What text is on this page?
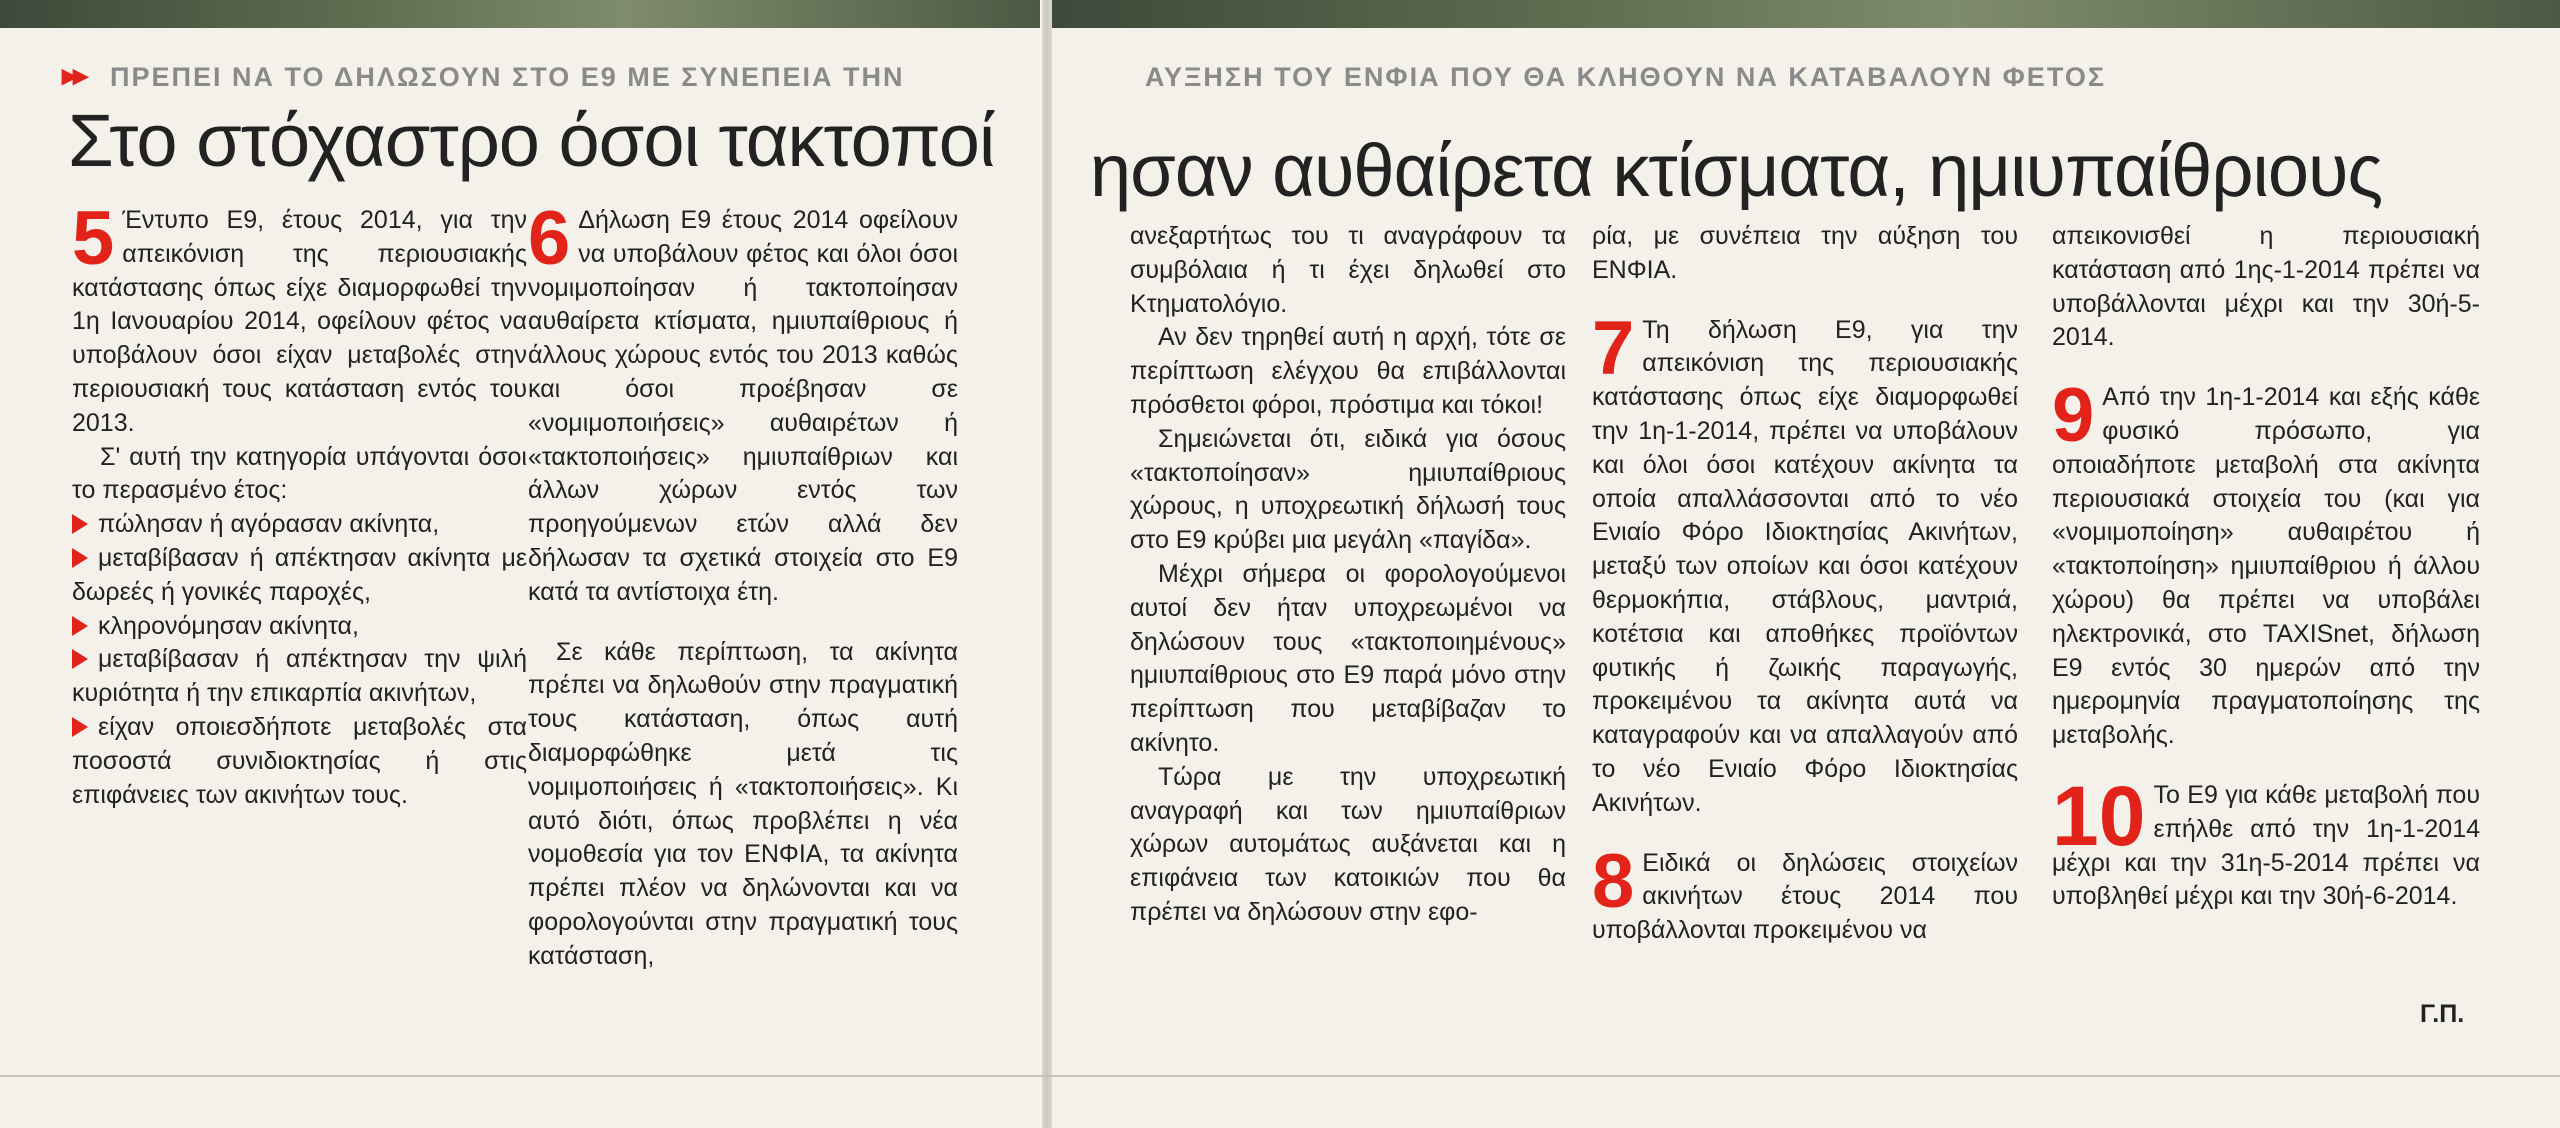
▸▸ ΠΡΕΠΕΙ ΝΑ ΤΟ ΔΗΛΩΣΟΥΝ ΣΤΟ Ε9 ΜΕ ΣΥΝΕΠΕΙΑ ΤΗΝ	ΑΥΞΗΣΗ ΤΟΥ ΕΝΦΙΑ ΠΟΥ ΘΑ ΚΛΗΘΟΥΝ ΝΑ ΚΑΤΑΒΑΛΟΥΝ ΦΕΤΟΣ
Στο στόχαστρο όσοι τακτοποί ησαν αυθαίρετα κτίσματα, ημιυπαίθριους

5 Έντυπο Ε9, έτους 2014, για την απεικόνιση της περιουσιακής κατάστασης όπως είχε διαμορφωθεί την 1η Ιανουαρίου 2014, οφείλουν φέτος να υποβάλουν όσοι είχαν μεταβολές στην περιουσιακή τους κατάσταση εντός του 2013.

Σ' αυτή την κατηγορία υπάγονται όσοι το περασμένο έτος:

πώλησαν ή αγόρασαν ακίνητα,

μεταβίβασαν ή απέκτησαν ακίνητα με δωρεές ή γονικές παροχές,

κληρονόμησαν ακίνητα,

μεταβίβασαν ή απέκτησαν την ψιλή κυριότητα ή την επικαρπία ακινήτων,

είχαν οποιεσδήποτε μεταβολές στα ποσοστά συνιδιοκτησίας ή στις επιφάνειες των ακινήτων τους.

6 Δήλωση Ε9 έτους 2014 οφείλουν να υποβάλουν φέτος και όλοι όσοι νομιμοποίησαν ή τακτοποίησαν αυθαίρετα κτίσματα, ημιυπαίθριους ή άλλους χώρους εντός του 2013 καθώς και όσοι προέβησαν σε «νομιμοποιήσεις» αυθαιρέτων ή «τακτοποιήσεις» ημιυπαίθριων και άλλων χώρων εντός των προηγούμενων ετών αλλά δεν δήλωσαν τα σχετικά στοιχεία στο Ε9 κατά τα αντίστοιχα έτη.

Σε κάθε περίπτωση, τα ακίνητα πρέπει να δηλωθούν στην πραγματική τους κατάσταση, όπως αυτή διαμορφώθηκε μετά τις νομιμοποιήσεις ή «τακτοποιήσεις». Κι αυτό διότι, όπως προβλέπει η νέα νομοθεσία για τον ΕΝΦΙΑ, τα ακίνητα πρέπει πλέον να δηλώνονται και να φορολογούνται στην πραγματική τους κατάσταση,

ανεξαρτήτως του τι αναγράφουν τα συμβόλαια ή τι έχει δηλωθεί στο Κτηματολόγιο.

Αν δεν τηρηθεί αυτή η αρχή, τότε σε περίπτωση ελέγχου θα επιβάλλονται πρόσθετοι φόροι, πρόστιμα και τόκοι!

Σημειώνεται ότι, ειδικά για όσους «τακτοποίησαν» ημιυπαίθριους χώρους, η υποχρεωτική δήλωσή τους στο Ε9 κρύβει μια μεγάλη «παγίδα».

Μέχρι σήμερα οι φορολογούμενοι αυτοί δεν ήταν υποχρεωμένοι να δηλώσουν τους «τακτοποιημένους» ημιυπαίθριους στο Ε9 παρά μόνο στην περίπτωση που μεταβίβαζαν το ακίνητο.

Τώρα με την υποχρεωτική αναγραφή και των ημιυπαίθριων χώρων αυτομάτως αυξάνεται και η επιφάνεια των κατοικιών που θα πρέπει να δηλώσουν στην εφο-

ρία, με συνέπεια την αύξηση του ΕΝΦΙΑ.

7 Τη δήλωση Ε9, για την απεικόνιση της περιουσιακής κατάστασης όπως είχε διαμορφωθεί την 1η-1-2014, πρέπει να υποβάλουν και όλοι όσοι κατέχουν ακίνητα τα οποία απαλλάσσονται από το νέο Ενιαίο Φόρο Ιδιοκτησίας Ακινήτων, μεταξύ των οποίων και όσοι κατέχουν θερμοκήπια, στάβλους, μαντριά, κοτέτσια και αποθήκες προϊόντων φυτικής ή ζωικής παραγωγής, προκειμένου τα ακίνητα αυτά να καταγραφούν και να απαλλαγούν από το νέο Ενιαίο Φόρο Ιδιοκτησίας Ακινήτων.

8 Ειδικά οι δηλώσεις στοιχείων ακινήτων έτους 2014 που υποβάλλονται προκειμένου να

απεικονισθεί η περιουσιακή κατάσταση από 1ης-1-2014 πρέπει να υποβάλλονται μέχρι και την 30ή-5-2014.

9 Από την 1η-1-2014 και εξής κάθε φυσικό πρόσωπο, για οποιαδήποτε μεταβολή στα ακίνητα περιουσιακά στοιχεία του (και για «νομιμοποίηση» αυθαιρέτου ή «τακτοποίηση» ημιυπαίθριου ή άλλου χώρου) θα πρέπει να υποβάλει ηλεκτρονικά, στο TAXISnet, δήλωση Ε9 εντός 30 ημερών από την ημερομηνία πραγματοποίησης της μεταβολής.

10 Το Ε9 για κάθε μεταβολή που επήλθε από την 1η-1-2014 μέχρι και την 31η-5-2014 πρέπει να υποβληθεί μέχρι και την 30ή-6-2014.

Γ.Π.
